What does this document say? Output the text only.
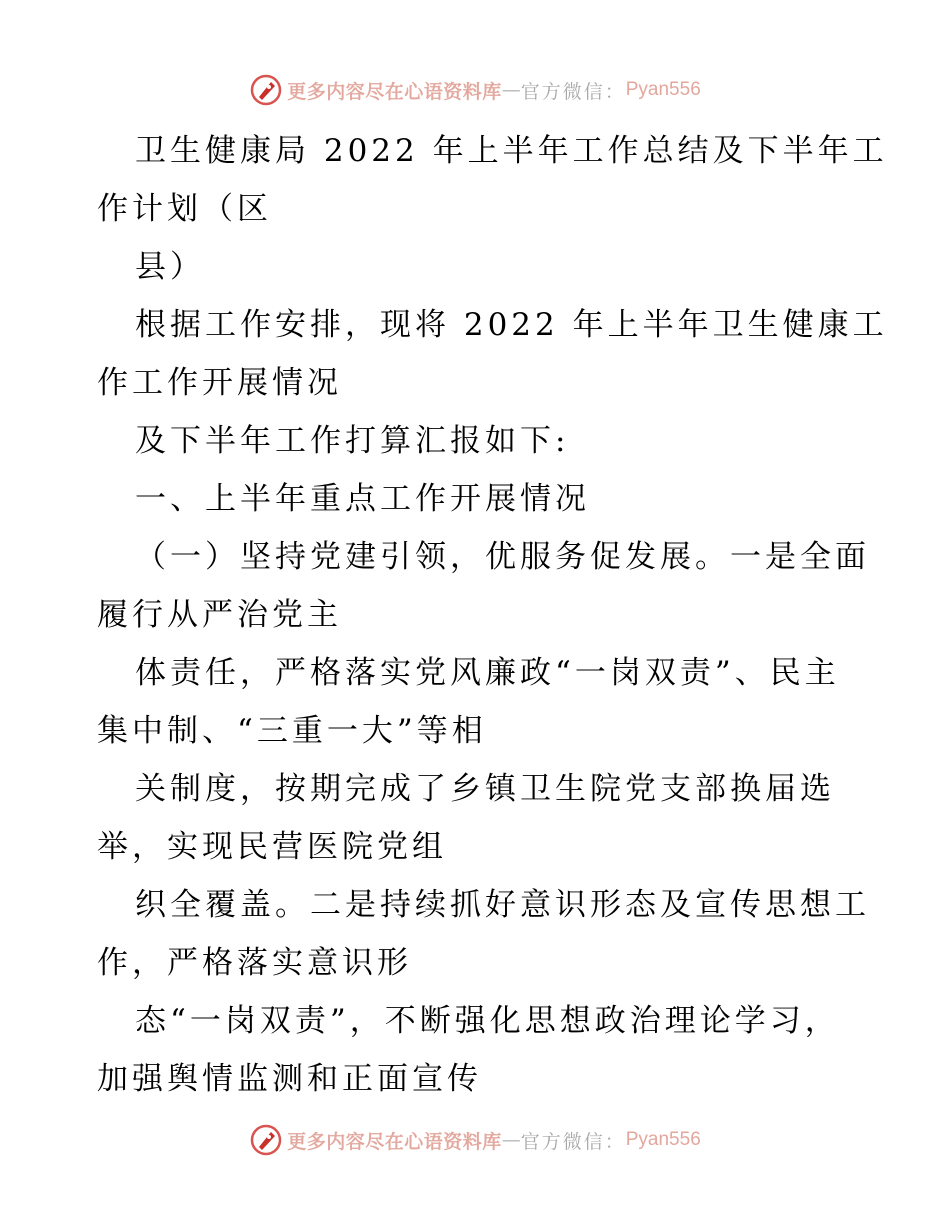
更多内容尽在心语资料库 — 官方微信： Pyan556
卫生健康局 2022 年上半年工作总结及下半年工
作计划（区
县）
根据工作安排，现将 2022 年上半年卫生健康工
作工作开展情况
及下半年工作打算汇报如下:
一、上半年重点工作开展情况
（一）坚持党建引领，优服务促发展。一是全面
履行从严治党主
体责任，严格落实党风廉政“一岗双责”、民主
集中制、“三重一大”等相
关制度，按期完成了乡镇卫生院党支部换届选
举，实现民营医院党组
织全覆盖。二是持续抓好意识形态及宣传思想工
作，严格落实意识形
态“一岗双责”，不断强化思想政治理论学习，
加强舆情监测和正面宣传
更多内容尽在心语资料库 — 官方微信： Pyan556
